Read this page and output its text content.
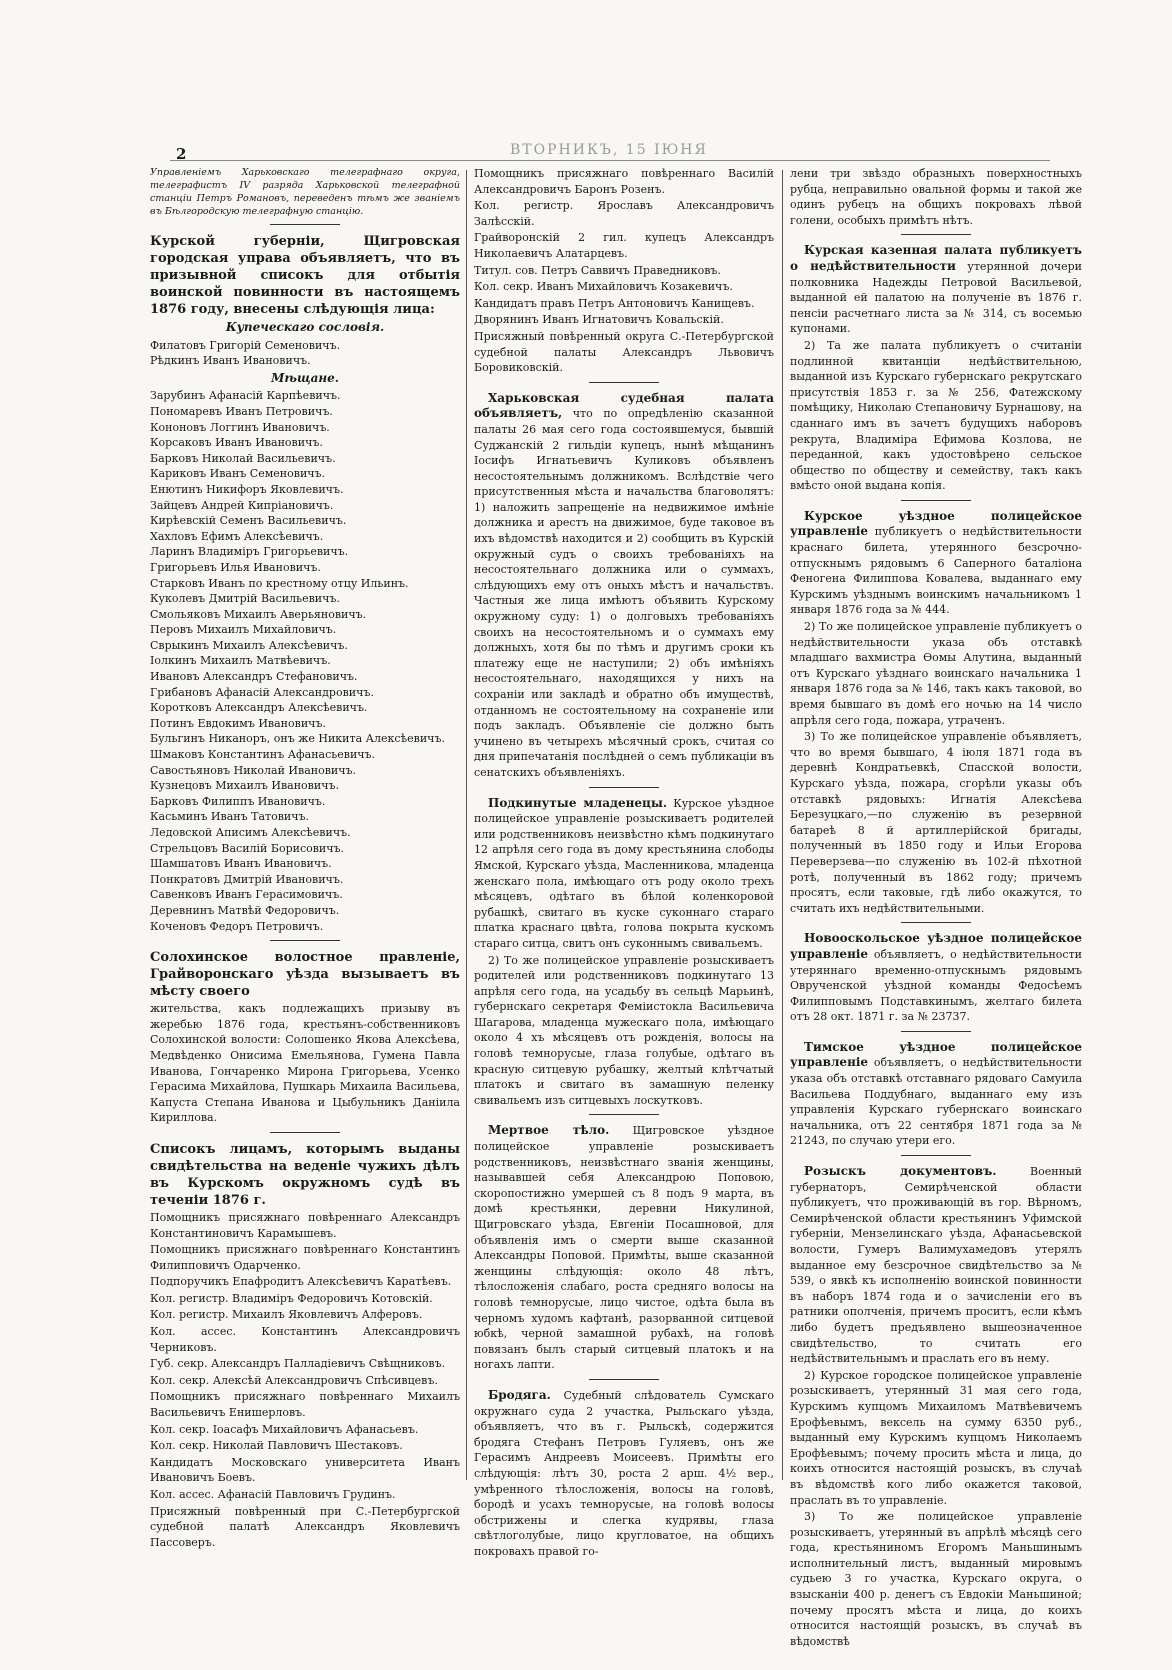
2	ВТОРНИКЪ, 15 ІЮНЯ

Управленіемъ Харьковскаго телеграфнаго округа, телеграфистъ IV разряда Харьковской телеграфной станціи Петръ Романовъ, переведенъ тѣмъ же званіемъ въ Бѣлгородскую телеграфную станцію.

Курской губерніи, Щигровская городская управа объявляетъ, что въ призывной списокъ для отбытія воинской повинности въ настоящемъ 1876 году, внесены слѣдующія лица:

Купеческаго сословія.
Филатовъ Григорій Семеновичъ.
Рѣдкинъ Иванъ Ивановичъ.
Мѣщане.
Зарубинъ Афанасій Карпѣевичъ.
Пономаревъ Иванъ Петровичъ.
Кононовъ Логгинъ Ивановичъ.
Корсаковъ Иванъ Ивановичъ.
Барковъ Николай Васильевичъ.
Кариковъ Иванъ Семеновичъ.
Енютинъ Никифоръ Яковлевичъ.
Зайцевъ Андрей Кипріановичъ.
Кирѣевскій Семенъ Васильевичъ.
Хахловъ Ефимъ Алексѣевичъ.
Ларинъ Владиміръ Григорьевичъ.
Григорьевъ Илья Ивановичъ.
Старковъ Иванъ по крестному отцу Ильинъ.
Куколевъ Дмитрій Васильевичъ.
Смольяковъ Михаилъ Аверьяновичъ.
Перовъ Михаилъ Михайловичъ.
Сврыкинъ Михаилъ Алексѣевичъ.
Іолкинъ Михаилъ Матвѣевичъ.
Ивановъ Александръ Стефановичъ.
Грибановъ Афанасій Александровичъ.
Коротковъ Александръ Алексѣевичъ.
Потинъ Евдокимъ Ивановичъ.
Бульгинъ Никаноръ, онъ же Никита Алексѣевичъ.
Шмаковъ Константинъ Афанасьевичъ.
Савостьяновъ Николай Ивановичъ.
Кузнецовъ Михаилъ Ивановичъ.
Барковъ Филиппъ Ивановичъ.
Касьминъ Иванъ Татовичъ.
Ледовской Аписимъ Алексѣевичъ.
Стрельцовъ Василій Борисовичъ.
Шамшатовъ Иванъ Ивановичъ.
Понкратовъ Дмитрій Ивановичъ.
Савенковъ Иванъ Герасимовичъ.
Деревнинъ Матвѣй Федоровичъ.
Коченовъ Федоръ Петровичъ.

Солохинское волостное правленіе, Грайворонскаго уѣзда вызываетъ въ мѣсту своего

жительства, какъ подлежащихъ призыву въ жеребью 1876 года, крестьянъ-собственниковъ Солохинской волости: Солошенко Якова Алексѣева, Медвѣденко Онисима Емельянова, Гумена Павла Иванова, Гончаренко Мирона Григорьева, Усенко Герасима Михайлова, Пушкарь Михаила Васильева, Капуста Степана Иванова и Цыбульникъ Даніила Кириллова.

Списокъ лицамъ, которымъ выданы свидѣтельства на веденіе чужихъ дѣлъ въ Курскомъ окружномъ судѣ въ теченіи 1876 г.

Помощникъ присяжнаго повѣреннаго Александръ Константиновичъ Карамышевъ.

Помощникъ присяжнаго повѣреннаго Константинъ Филипповичъ Одарченко.

Подпоручикъ Епафродитъ Алексѣевичъ Каратѣевъ.

Кол. регистр. Владиміръ Федоровичъ Котовскій.

Кол. регистр. Михаилъ Яковлевичъ Алферовъ.

Кол. ассес. Константинъ Александровичъ Черниковъ.

Губ. секр. Александръ Палладіевичъ Свѣщниковъ.

Кол. секр. Алексѣй Александровичъ Спѣсивцевъ.

Помощникъ присяжнаго повѣреннаго Михаилъ Васильевичъ Енишерловъ.

Кол. секр. Іоасафъ Михайловичъ Афанасьевъ.

Кол. секр. Николай Павловичъ Шестаковъ.

Кандидатъ Московскаго университета Иванъ Ивановичъ Боевъ.

Кол. ассес. Афанасій Павловичъ Грудинъ.

Присяжный повѣренный при С.-Петербургской судебной палатѣ Александръ Яковлевичъ Пассоверъ.

Помощникъ присяжнаго повѣреннаго Василій Александровичъ Баронъ Розенъ.

Кол. регистр. Ярославъ Александровичъ Залѣсскій.

Грайворонскій 2 гил. купецъ Александръ Николаевичъ Алатарцевъ.

Титул. сов. Петръ Саввичъ Праведниковъ.

Кол. секр. Иванъ Михайловичъ Козакевичъ.

Кандидатъ правъ Петръ Антоновичъ Канищевъ.

Дворянинъ Иванъ Игнатовичъ Ковальскій.

Присяжный повѣренный округа С.-Петербургской судебной палаты Александръ Львовичъ Боровиковскій.

Харьковская судебная палата объявляетъ, что по опредѣленію сказанной палаты 26 мая сего года состоявшемуся, бывшій Суджанскій 2 гильдіи купецъ, нынѣ мѣщанинъ Іосифъ Игнатьевичъ Куликовъ объявленъ несостоятельнымъ должникомъ. Вслѣдствіе чего присутственныя мѣста и начальства благоволятъ: 1) наложить запрещеніе на недвижимое имѣніе должника и арестъ на движимое, буде таковое въ ихъ вѣдомствѣ находится и 2) сообщить въ Курскій окружный судъ о своихъ требованіяхъ на несостоятельнаго должника или о суммахъ, слѣдующихъ ему отъ оныхъ мѣстъ и начальствъ. Частныя же лица имѣютъ объявить Курскому окружному суду: 1) о долговыхъ требованіяхъ своихъ на несостоятельномъ и о суммахъ ему должныхъ, хотя бы по тѣмъ и другимъ сроки къ платежу еще не наступили; 2) объ имѣніяхъ несостоятельнаго, находящихся у нихъ на сохраніи или закладѣ и обратно объ имуществѣ, отданномъ не состоятельному на сохраненіе или подъ закладъ. Объявленіе сіе должно быть учинено въ четырехъ мѣсячный срокъ, считая со дня припечатанія послѣдней о семъ публикаціи въ сенатскихъ объявленіяхъ.

Подкинутые младенецы. Курское уѣздное полицейское управленіе розыскиваетъ родителей или родственниковъ неизвѣстно кѣмъ подкинутаго 12 апрѣля сего года въ дому крестьянина слободы Ямской, Курскаго уѣзда, Масленникова, младенца женскаго пола, имѣющаго отъ роду около трехъ мѣсяцевъ, одѣтаго въ бѣлой коленкоровой рубашкѣ, свитаго въ куске суконнаго стараго платка краснаго цвѣта, голова покрыта кускомъ стараго ситца, свитъ онъ суконнымъ свивальемъ.

2) То же полицейское управленіе розыскиваетъ родителей или родственниковъ подкинутаго 13 апрѣля сего года, на усадьбу въ сельцѣ Марьинѣ, губернскаго секретаря Феміистокла Васильевича Шагарова, младенца мужескаго пола, имѣющаго около 4 хъ мѣсяцевъ отъ рожденія, волосы на головѣ темнорусые, глаза голубые, одѣтаго въ красную ситцевую рубашку, желтый клѣтчатый платокъ и свитаго въ замашную пеленку свивальемъ изъ ситцевыхъ лоскутковъ.

Мертвое тѣло. Щигровское уѣздное полицейское управленіе розыскиваетъ родственниковъ, неизвѣстнаго званія женщины, называвшей себя Александрою Поповою, скоропостижно умершей съ 8 подъ 9 марта, въ домѣ крестьянки, деревни Никулиной, Щигровскаго уѣзда, Евгеніи Посашновой, для объявленія имъ о смерти выше сказанной Александры Поповой. Примѣты, выше сказанной женщины слѣдующія: около 48 лѣтъ, тѣлосложенія слабаго, роста средняго волосы на головѣ темнорусые, лицо чистое, одѣта была въ черномъ худомъ кафтанѣ, разорванной ситцевой юбкѣ, черной замашной рубахѣ, на головѣ повязанъ былъ старый ситцевый платокъ и на ногахъ лапти.

Бродяга. Судебный слѣдователь Сумскаго окружнаго суда 2 участка, Рыльскаго уѣзда, объявляетъ, что въ г. Рыльскѣ, содержится бродяга Стефанъ Петровъ Гуляевъ, онъ же Герасимъ Андреевъ Моисеевъ. Примѣты его слѣдующія: лѣтъ 30, роста 2 арш. 4½ вер., умѣренного тѣлосложенія, волосы на головѣ, бородѣ и усахъ темнорусые, на головѣ волосы обстрижены и слегка кудрявы, глаза свѣтлоголубые, лицо кругловатое, на общихъ покровахъ правой го-

лени три звѣздо образныхъ поверхностныхъ рубца, неправильно овальной формы и такой же одинъ рубецъ на общихъ покровахъ лѣвой голени, особыхъ примѣтъ нѣтъ.

Курская казенная палата публикуетъ о недѣйствительности утерянной дочери полковника Надежды Петровой Васильевой, выданной ей палатою на полученіе въ 1876 г. пенсіи расчетнаго листа за № 314, съ восемью купонами.

2) Та же палата публикуетъ о считаніи подлинной квитанціи недѣйствительною, выданной изъ Курскаго губернскаго рекрутскаго присутствія 1853 г. за № 256, Фатежскому помѣщику, Николаю Степановичу Бурнашову, на сданнаго имъ въ зачетъ будущихъ наборовъ рекрута, Владиміра Ефимова Козлова, не переданной, какъ удостовѣрено сельское общество по обществу и семейству, такъ какъ вмѣсто оной выдана копія.

Курское уѣздное полицейское управленіе публикуетъ о недѣйствительности краснаго билета, утерянного безсрочно-отпускнымъ рядовымъ 6 Саперного баталіона Феногена Филиппова Ковалева, выданнаго ему Курскимъ уѣзднымъ воинскимъ начальникомъ 1 января 1876 года за № 444.

2) То же полицейское управленіе публикуетъ о недѣйствительности указа объ отставкѣ младшаго вахмистра Ѳомы Алутина, выданный отъ Курскаго уѣзднаго воинскаго начальника 1 января 1876 года за № 146, такъ какъ таковой, во время бывшаго въ домѣ его ночью на 14 число апрѣля сего года, пожара, утраченъ.

3) То же полицейское управленіе объявляетъ, что во время бывшаго, 4 іюля 1871 года въ деревнѣ Кондратьевкѣ, Спасской волости, Курскаго уѣзда, пожара, сгорѣли указы объ отставкѣ рядовыхъ: Игнатія Алексѣева Березуцкаго,—по служенію въ резервной батареѣ 8 й артиллерійской бригады, полученный въ 1850 году и Ильи Егорова Переверзева—по служенію въ 102-й пѣхотной ротѣ, полученный въ 1862 году; причемъ просятъ, если таковые, гдѣ либо окажутся, то считать ихъ недѣйствительными.

Новооскольское уѣздное полицейское управленіе объявляетъ, о недѣйствительности утеряннаго временно-отпускнымъ рядовымъ Оврученской уѣздной команды Федосѣемъ Филипповымъ Подставкинымъ, желтаго билета отъ 28 окт. 1871 г. за № 23737.

Тимское уѣздное полицейское управленіе объявляетъ, о недѣйствительности указа объ отставкѣ отставнаго рядоваго Самуила Васильева Поддубнаго, выданнаго ему изъ управленія Курскаго губернскаго воинскаго начальника, отъ 22 сентября 1871 года за № 21243, по случаю утери его.

Розыскъ документовъ.	Военный губернаторъ, Семирѣченской области публикуетъ, что проживающій въ гор. Вѣрномъ, Семирѣченской области крестьянинъ Уфимской губерніи, Мензелинскаго уѣзда, Афанасьевской волости, Гумеръ Валимухамедовъ утерялъ выданное ему безсрочное свидѣтельство за № 539, о явкѣ къ исполненію воинской повинности въ наборъ 1874 года и о зачисленіи его въ ратники ополченія, причемъ проситъ, если кѣмъ либо будетъ предъявлено вышеозначенное свидѣтельство, то считать его недѣйствительнымъ и праслать его въ нему.

2) Курское городское полицейское управленіе розыскиваетъ, утерянный 31 мая сего года, Курскимъ купцомъ Михаиломъ Матвѣевичемъ Ерофѣевымъ, вексель на сумму 6350 руб., выданный ему Курскимъ купцомъ Николаемъ Ерофѣевымъ; почему просить мѣста и лица, до коихъ относится настоящій розыскъ, въ случаѣ въ вѣдомствѣ кого либо окажется таковой, праслать въ то управленіе.

3) То же полицейское управленіе розыскиваетъ, утерянный въ апрѣлѣ мѣсяцѣ сего года, крестьяниномъ Егоромъ Маньшинымъ исполнительный листъ, выданный мировымъ судьею 3 го участка, Курскаго округа, о взысканіи 400 р. денегъ съ Евдокіи Маньшиной; почему просятъ мѣста и лица, до коихъ относится настоящій розыскъ, въ случаѣ въ вѣдомствѣ
